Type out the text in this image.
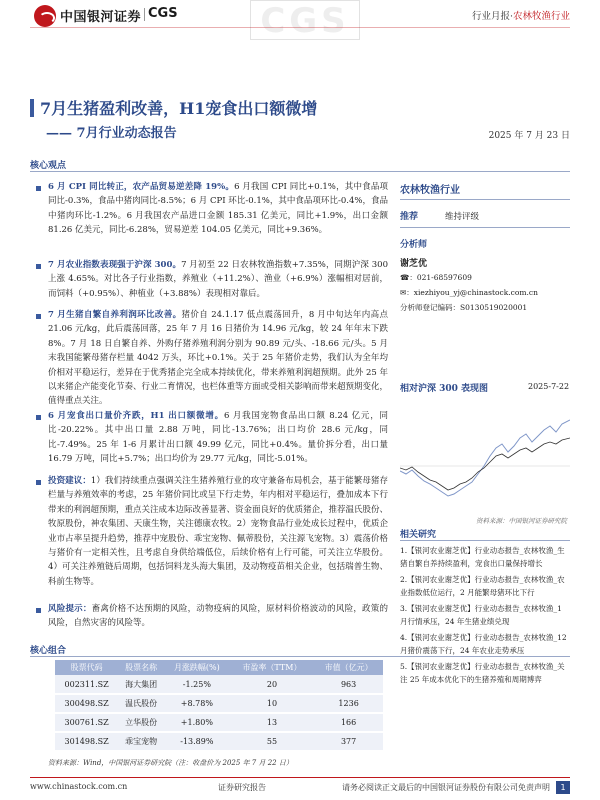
中国银河证券 CGS	CGS	行业月报·农林牧渔行业
7月生猪盈利改善，H1宠食出口额微增
—— 7月行业动态报告	2025 年 7 月 23 日
核心观点
6 月 CPI 同比转正，农产品贸易逆差降 19%。6 月我国 CPI 同比+0.1%，其中食品项同比-0.3%，食品中猪肉同比-8.5%；6 月 CPI 环比-0.1%，其中食品项环比-0.4%，食品中猪肉环比-1.2%。6 月我国农产品进口金额 185.31 亿美元，同比+1.9%，出口金额 81.26 亿美元，同比-6.28%，贸易逆差 104.05 亿美元，同比+9.36%。
7 月农业指数表现强于沪深 300。7 月初至 22 日农林牧渔指数+7.35%，同期沪深 300 上涨 4.65%。对比各子行业指数，养殖业（+11.2%）、渔业（+6.9%）涨幅相对居前，而饲料（+0.95%）、种植业（+3.88%）表现相对靠后。
7 月生猪自繁自养利润环比改善。猪价自 24.1.17 低点震荡回升，8 月中旬达年内高点 21.06 元/kg，此后震荡回落，25 年 7 月 16 日猪价为 14.96 元/kg，较 24 年年末下跌 8%。7 月 18 日自繁自养、外购仔猪养殖利润分别为 90.89 元/头、-18.66 元/头。5 月末我国能繁母猪存栏量 4042 万头，环比+0.1%。关于 25 年猪价走势，我们认为全年均价相对平稳运行，差异在于优秀猪企完全成本持续优化，带来养殖利润超预期。此外 25 年以来猪企产能变化节奏、行业二育情况，也栏体重等方面或受相关影响而带来超预期变化，值得重点关注。
6 月宠食出口量价齐跌，H1 出口额微增。6 月我国宠物食品出口额 8.24 亿元，同比-20.22%。其中出口量 2.88 万吨，同比-13.76%；出口均价 28.6 元/kg，同比-7.49%。25 年 1-6 月累计出口额 49.99 亿元，同比+0.4%。量价拆分看，出口量 16.79 万吨，同比+5.7%；出口均价为 29.77 元/kg，同比-5.01%。
投资建议：1）我们持续重点强调关注生猪养殖行业的攻守兼备布局机会，基于能繁母猪存栏量与养殖效率的考虑，25 年猪价同比或呈下行走势，年内相对平稳运行，叠加成本下行带来的利润超预期，重点关注成本边际改善显著、资金面良好的优质猪企，推荐温氏股份、牧原股份，神农集团、天康生物，关注德康农牧。2）宠物食品行业处成长过程中，优质企业市占率呈提升趋势，推荐中宠股份、乖宝宠物、佩蒂股份，关注源飞宠物。3）震荡价格与猪价有一定相关性，且考虑自身供给端低位，后续价格有上行可能，可关注立华股份。4）可关注养殖链后周期，包括饲料龙头海大集团，及动物疫苗相关企业，包括瑞普生物、科前生物等。
风险提示：畜禽价格不达预期的风险，动物疫病的风险，原材料价格波动的风险，政策的风险，自然灾害的风险等。
农林牧渔行业
推荐	维持评级
分析师
谢芝优
☎：021-68597609
✉：xiezhiyou_yj@chinastock.com.cn
分析师登记编码：S0130519020001
相对沪深 300 表现图	2025-7-22
资料来源：中国银河证券研究院
相关研究
1.【银河农业谢芝优】行业动态报告_农林牧渔_生猪自繁自养持续盈利，宠食出口量保持增长
2.【银河农业谢芝优】行业动态报告_农林牧渔_农业指数低位运行，2 月能繁母猪环比下行
3.【银河农业谢芝优】行业动态报告_农林牧渔_1 月行情承压，24 年生猪业绩兑现
4.【银河农业谢芝优】行业动态报告_农林牧渔_12 月猪价震荡下行，24 年农业走势承压
5.【银河农业谢芝优】行业动态报告_农林牧渔_关注 25 年成本优化下的生猪养殖和周期博弈
核心组合
股票代码	股票名称	月涨跌幅(%)	市盈率（TTM）	市值（亿元）
002311.SZ	海大集团	-1.25%	20	963
300498.SZ	温氏股份	+8.78%	10	1236
300761.SZ	立华股份	+1.80%	13	166
301498.SZ	乖宝宠物	-13.89%	55	377
资料来源：Wind，中国银河证券研究院（注：收盘价为 2025 年 7 月 22 日）
www.chinastock.com.cn	证券研究报告	请务必阅读正文最后的中国银河证券股份有限公司免责声明	1
